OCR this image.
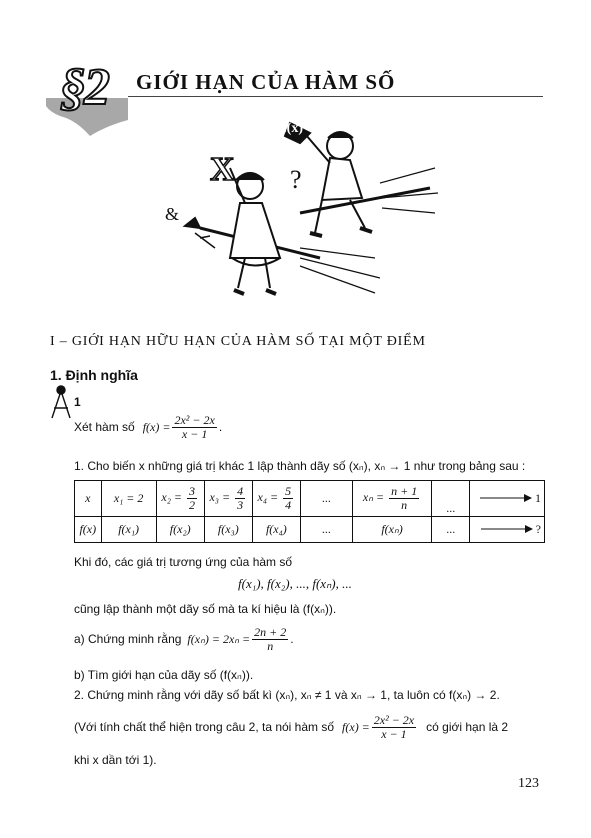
§2 GIỚI HẠN CỦA HÀM SỐ
f(x)
?
X
&
I – GIỚI HẠN HỮU HẠN CỦA HÀM SỐ TẠI MỘT ĐIỂM
1. Định nghĩa
1
Xét hàm số $f(x) = \frac{\text{2x² − 2x}}{x - 1}$ .
1. Cho biến x những giá trị khác 1 lập thành dãy số (xₙ), xₙ → 1 như trong bảng sau :
x	x₁ = 2	$x_2 = \frac{3}{2}$	$x_3 = \frac{4}{3}$	$x_4 = \frac{5}{4}$	...	$x_n = \frac{n + 1}{n}$	...	1
f(x)	f(x₁)	f(x₂)	f(x₃)	f(x₄)	...	f(xₙ)	...	?
Khi đó, các giá trị tương ứng của hàm số
f(x₁), f(x₂), ..., f(xₙ), ...
cũng lập thành một dãy số mà ta kí hiệu là (f(xₙ)).
a) Chứng minh rằng $f(x_n) = 2x_n = \frac{2n + 2}{n}$ .
b) Tìm giới hạn của dãy số (f(xₙ)).
2. Chứng minh rằng với dãy số bất kì (xₙ), xₙ ≠ 1 và xₙ → 1, ta luôn có f(xₙ) → 2.
(Với tính chất thể hiện trong câu 2, ta nói hàm số $f(x) = \frac{\text{2x² − 2x}}{x - 1}$ có giới hạn là 2
khi x dần tới 1).
123
